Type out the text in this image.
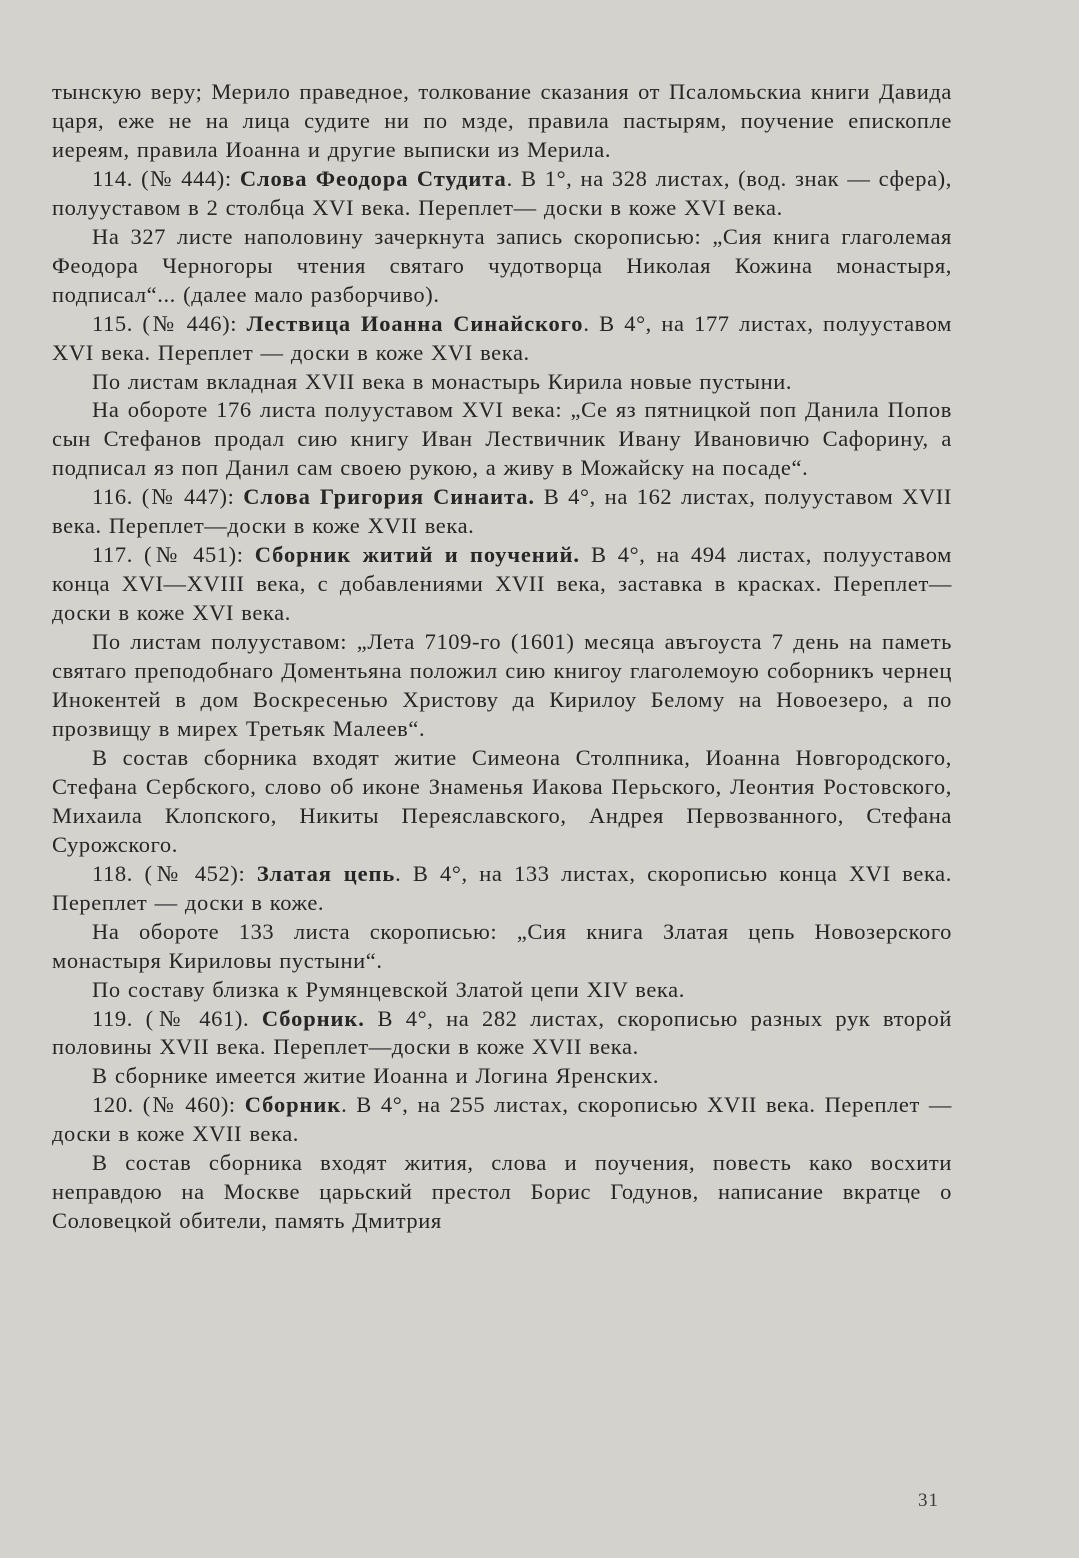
тынскую веру; Мерило праведное, толкование сказания от Псаломьскиа книги Давида царя, еже не на лица судите ни по мзде, правила пастырям, поучение епископле иереям, правила Иоанна и другие выписки из Мерила.

114. (№ 444): Слова Феодора Студита. В 1°, на 328 листах, (вод. знак — сфера), полууставом в 2 столбца XVI века. Переплет— доски в коже XVI века.

На 327 листе наполовину зачеркнута запись скорописью: „Сия книга глаголемая Феодора Черногоры чтения святаго чудотворца Николая Кожина монастыря, подписал“... (далее мало разборчиво).

115. (№ 446): Лествица Иоанна Синайского. В 4°, на 177 листах, полууставом XVI века. Переплет — доски в коже XVI века.

По листам вкладная XVII века в монастырь Кирила новые пустыни.

На обороте 176 листа полууставом XVI века: „Се яз пятницкой поп Данила Попов сын Стефанов продал сию книгу Иван Лествичник Ивану Ивановичю Сафорину, а подписал яз поп Данил сам своею рукою, а живу в Можайску на посаде“.

116. (№ 447): Слова Григория Синаита. В 4°, на 162 листах, полууставом XVII века. Переплет—доски в коже XVII века.

117. (№ 451): Сборник житий и поучений. В 4°, на 494 листах, полууставом конца XVI—XVIII века, с добавлениями XVII века, заставка в красках. Переплет—доски в коже XVI века.

По листам полууставом: „Лета 7109-го (1601) месяца авъгоуста 7 день на паметь святаго преподобнаго Доментьяна положил сию книгоу глаголемоую соборникъ чернец Инокентей в дом Воскресенью Христову да Кирилоу Белому на Новоезеро, а по прозвищу в мирех Третьяк Малеев“.

В состав сборника входят житие Симеона Столпника, Иоанна Новгородского, Стефана Сербского, слово об иконе Знаменья Иакова Перьского, Леонтия Ростовского, Михаила Клопского, Никиты Переяславского, Андрея Первозванного, Стефана Сурожского.

118. (№ 452): Златая цепь. В 4°, на 133 листах, скорописью конца XVI века. Переплет — доски в коже.

На обороте 133 листа скорописью: „Сия книга Златая цепь Новозерского монастыря Кириловы пустыни“.

По составу близка к Румянцевской Златой цепи XIV века.

119. (№ 461). Сборник. В 4°, на 282 листах, скорописью разных рук второй половины XVII века. Переплет—доски в коже XVII века.

В сборнике имеется житие Иоанна и Логина Яренских.

120. (№ 460): Сборник. В 4°, на 255 листах, скорописью XVII века. Переплет —доски в коже XVII века.

В состав сборника входят жития, слова и поучения, повесть како восхити неправдою на Москве царьский престол Борис Годунов, написание вкратце о Соловецкой обители, память Дмитрия

31
